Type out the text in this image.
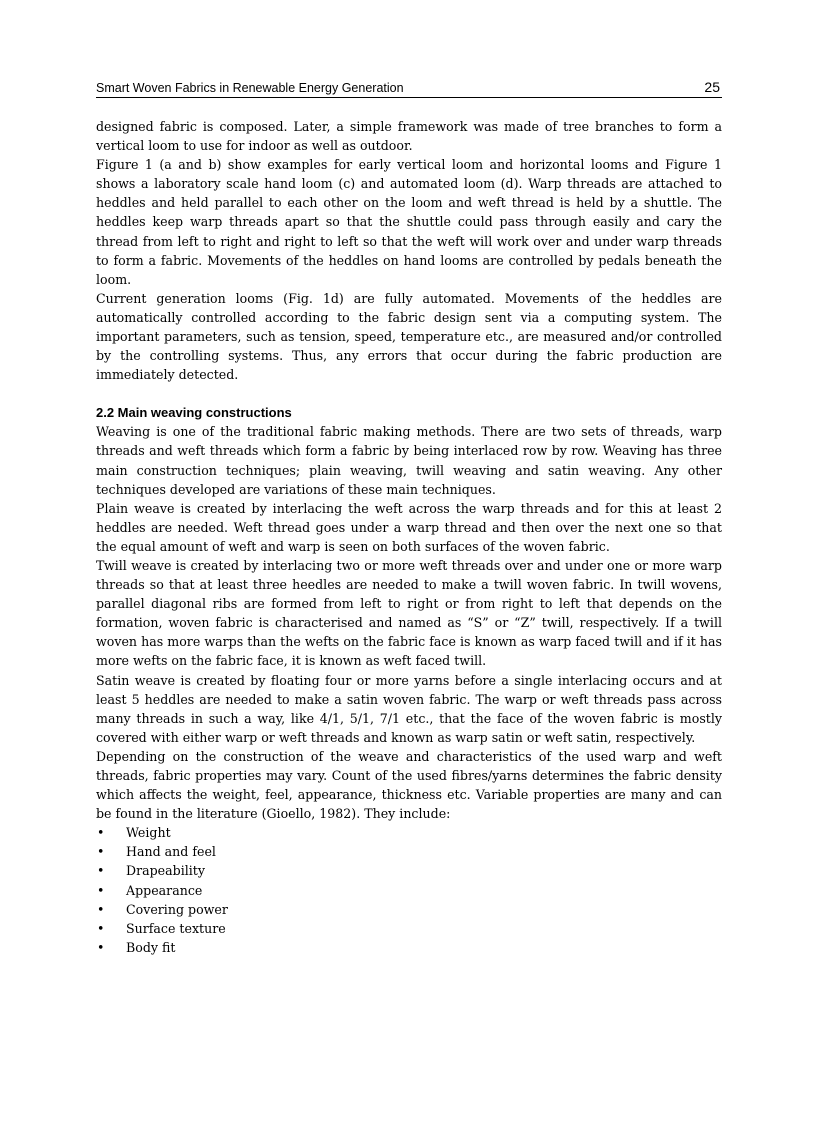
Smart Woven Fabrics in Renewable Energy Generation	25

designed fabric is composed. Later, a simple framework was made of tree branches to form a vertical loom to use for indoor as well as outdoor.

Figure 1 (a and b) show examples for early vertical loom and horizontal looms and Figure 1 shows a laboratory scale hand loom (c) and automated loom (d). Warp threads are attached to heddles and held parallel to each other on the loom and weft thread is held by a shuttle. The heddles keep warp threads apart so that the shuttle could pass through easily and cary the thread from left to right and right to left so that the weft will work over and under warp threads to form a fabric. Movements of the heddles on hand looms are controlled by pedals beneath the loom.

Current generation looms (Fig. 1d) are fully automated. Movements of the heddles are automatically controlled according to the fabric design sent via a computing system. The important parameters, such as tension, speed, temperature etc., are measured and/or controlled by the controlling systems. Thus, any errors that occur during the fabric production are immediately detected.

2.2 Main weaving constructions

Weaving is one of the traditional fabric making methods. There are two sets of threads, warp threads and weft threads which form a fabric by being interlaced row by row. Weaving has three main construction techniques; plain weaving, twill weaving and satin weaving. Any other techniques developed are variations of these main techniques.

Plain weave is created by interlacing the weft across the warp threads and for this at least 2 heddles are needed. Weft thread goes under a warp thread and then over the next one so that the equal amount of weft and warp is seen on both surfaces of the woven fabric.

Twill weave is created by interlacing two or more weft threads over and under one or more warp threads so that at least three heedles are needed to make a twill woven fabric. In twill wovens, parallel diagonal ribs are formed from left to right or from right to left that depends on the formation, woven fabric is characterised and named as “S” or “Z” twill, respectively. If a twill woven has more warps than the wefts on the fabric face is known as warp faced twill and if it has more wefts on the fabric face, it is known as weft faced twill.

Satin weave is created by floating four or more yarns before a single interlacing occurs and at least 5 heddles are needed to make a satin woven fabric. The warp or weft threads pass across many threads in such a way, like 4/1, 5/1, 7/1 etc., that the face of the woven fabric is mostly covered with either warp or weft threads and known as warp satin or weft satin, respectively.

Depending on the construction of the weave and characteristics of the used warp and weft threads, fabric properties may vary. Count of the used fibres/yarns determines the fabric density which affects the weight, feel, appearance, thickness etc. Variable properties are many and can be found in the literature (Gioello, 1982). They include:

• Weight
• Hand and feel
• Drapeability
• Appearance
• Covering power
• Surface texture
• Body fit
